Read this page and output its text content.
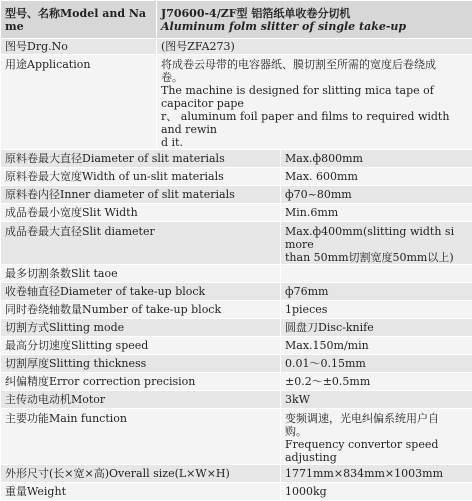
型号、名称Model and Na
me	J70600-4/ZF型 铝箔纸单收卷分切机
Aluminum folm slitter of single take-up	

图号Drg.No	(图号ZFA273)	
用途Application	将成卷云母带的电容器纸、膜切割至所需的宽度后卷绕成
卷。
The machine is designed for slitting mica tape of capacitor pape
r、 aluminum foil paper and films to required width and rewin
d it.	

原料卷最大直径Diameter of slit materials		Max.ф800mm
原料卷最大宽度Width of un-slit materials		Max. 600mm
原料卷内径Inner diameter of slit materials		ф70~80mm
成品卷最小宽度Slit Width		Min.6mm
成品卷最大直径Slit diameter		Max.ф400mm(slitting width si more
than 50mm切割宽度50mm以上)

最多切割条数Slit taoe		
收卷轴直径Diameter of take-up block		ф76mm
同时卷绕轴数量Number of take-up block		1pieces
切割方式Slitting mode		圆盘刀Disc-knife
最高分切速度Slitting speed		Max.150m/min
切割厚度Slitting thickness		0.01～0.15mm
纠偏精度Error correction precision		±0.2～±0.5mm
主传动电动机Motor		3kW
主要功能Main function		变频调速，光电纠偏系统用户自
购。
Frequency convertor speed adjusting

外形尺寸(长×宽×高)Overall size(L×W×H)		1771mm×834mm×1003mm
重量Weight		1000kg
